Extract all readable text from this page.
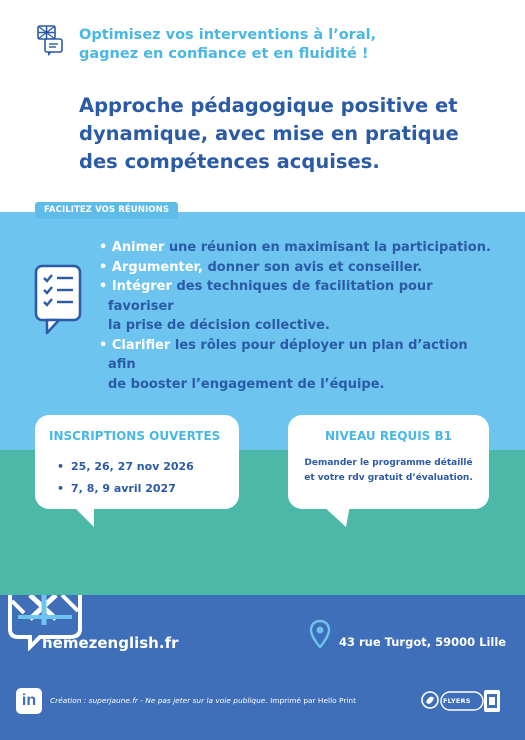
Optimisez vos interventions à l’oral,
gagnez en confiance et en fluidité !
Approche pédagogique positive et
dynamique, avec mise en pratique
des compétences acquises.
FACILITEZ VOS RÉUNIONS
• Animer une réunion en maximisant la participation.
• Argumenter, donner son avis et conseiller.
• Intégrer des techniques de facilitation pour favoriser
la prise de décision collective.
• Clarifier les rôles pour déployer un plan d’action afin
de booster l’engagement de l’équipe.
INSCRIPTIONS OUVERTES
• 25, 26, 27 nov 2026
• 7, 8, 9 avril 2027
NIVEAU REQUIS B1
Demander le programme détaillé
et votre rdv gratuit d’évaluation.
hemezenglish.fr	43 rue Turgot, 59000 Lille
in	Création : superjaune.fr - Ne pas jeter sur la voie publique. Imprimé par Hello Print	FLYERS
